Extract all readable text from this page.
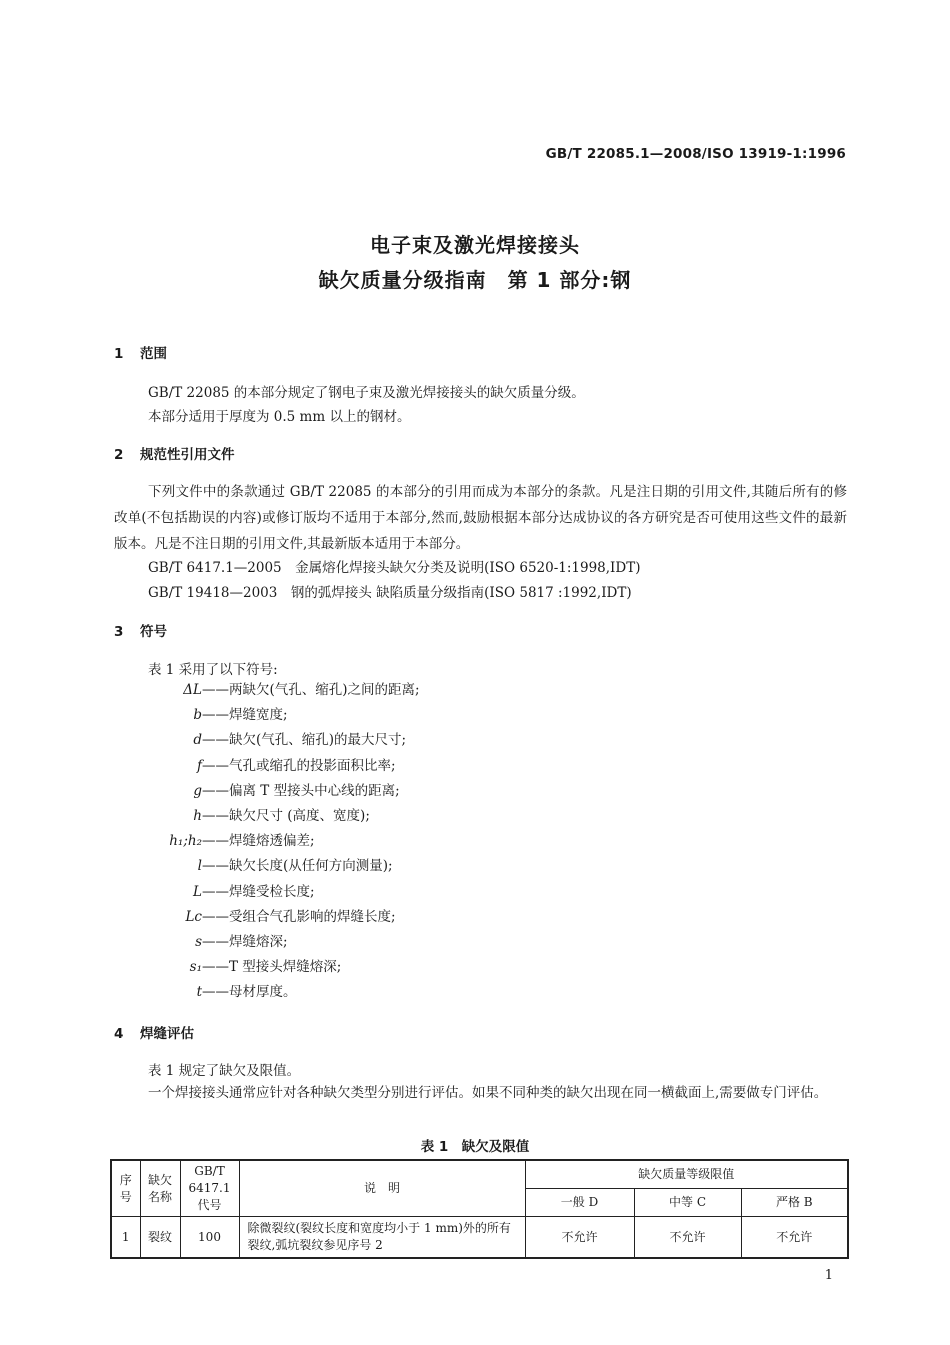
GB/T 22085.1—2008/ISO 13919-1:1996
电子束及激光焊接接头
缺欠质量分级指南　第 1 部分:钢
1 范围
GB/T 22085 的本部分规定了钢电子束及激光焊接接头的缺欠质量分级。
本部分适用于厚度为 0.5 mm 以上的钢材。
2 规范性引用文件
下列文件中的条款通过 GB/T 22085 的本部分的引用而成为本部分的条款。凡是注日期的引用文件,其随后所有的修改单(不包括勘误的内容)或修订版均不适用于本部分,然而,鼓励根据本部分达成协议的各方研究是否可使用这些文件的最新版本。凡是不注日期的引用文件,其最新版本适用于本部分。
GB/T 6417.1—2005　金属熔化焊接头缺欠分类及说明(ISO 6520-1:1998,IDT)
GB/T 19418—2003　钢的弧焊接头 缺陷质量分级指南(ISO 5817 :1992,IDT)
3 符号
表 1 采用了以下符号:
ΔL ——两缺欠(气孔、缩孔)之间的距离;
b ——焊缝宽度;
d ——缺欠(气孔、缩孔)的最大尺寸;
f ——气孔或缩孔的投影面积比率;
g ——偏离 T 型接头中心线的距离;
h ——缺欠尺寸 (高度、宽度);
h₁;h₂ ——焊缝熔透偏差;
l ——缺欠长度(从任何方向测量);
L ——焊缝受检长度;
Lc ——受组合气孔影响的焊缝长度;
s ——焊缝熔深;
s₁ ——T 型接头焊缝熔深;
t ——母材厚度。
4 焊缝评估
表 1 规定了缺欠及限值。
一个焊接接头通常应针对各种缺欠类型分别进行评估。如果不同种类的缺欠出现在同一横截面上,需要做专门评估。
表 1　缺欠及限值
序号	缺欠名称	GB/T 6417.1 代号	说　明	缺欠质量等级限值		
				一般 D	中等 C	严格 B
1	裂纹	100	除微裂纹(裂纹长度和宽度均小于 1 mm)外的所有裂纹,弧坑裂纹参见序号 2	不允许	不允许	不允许
1
